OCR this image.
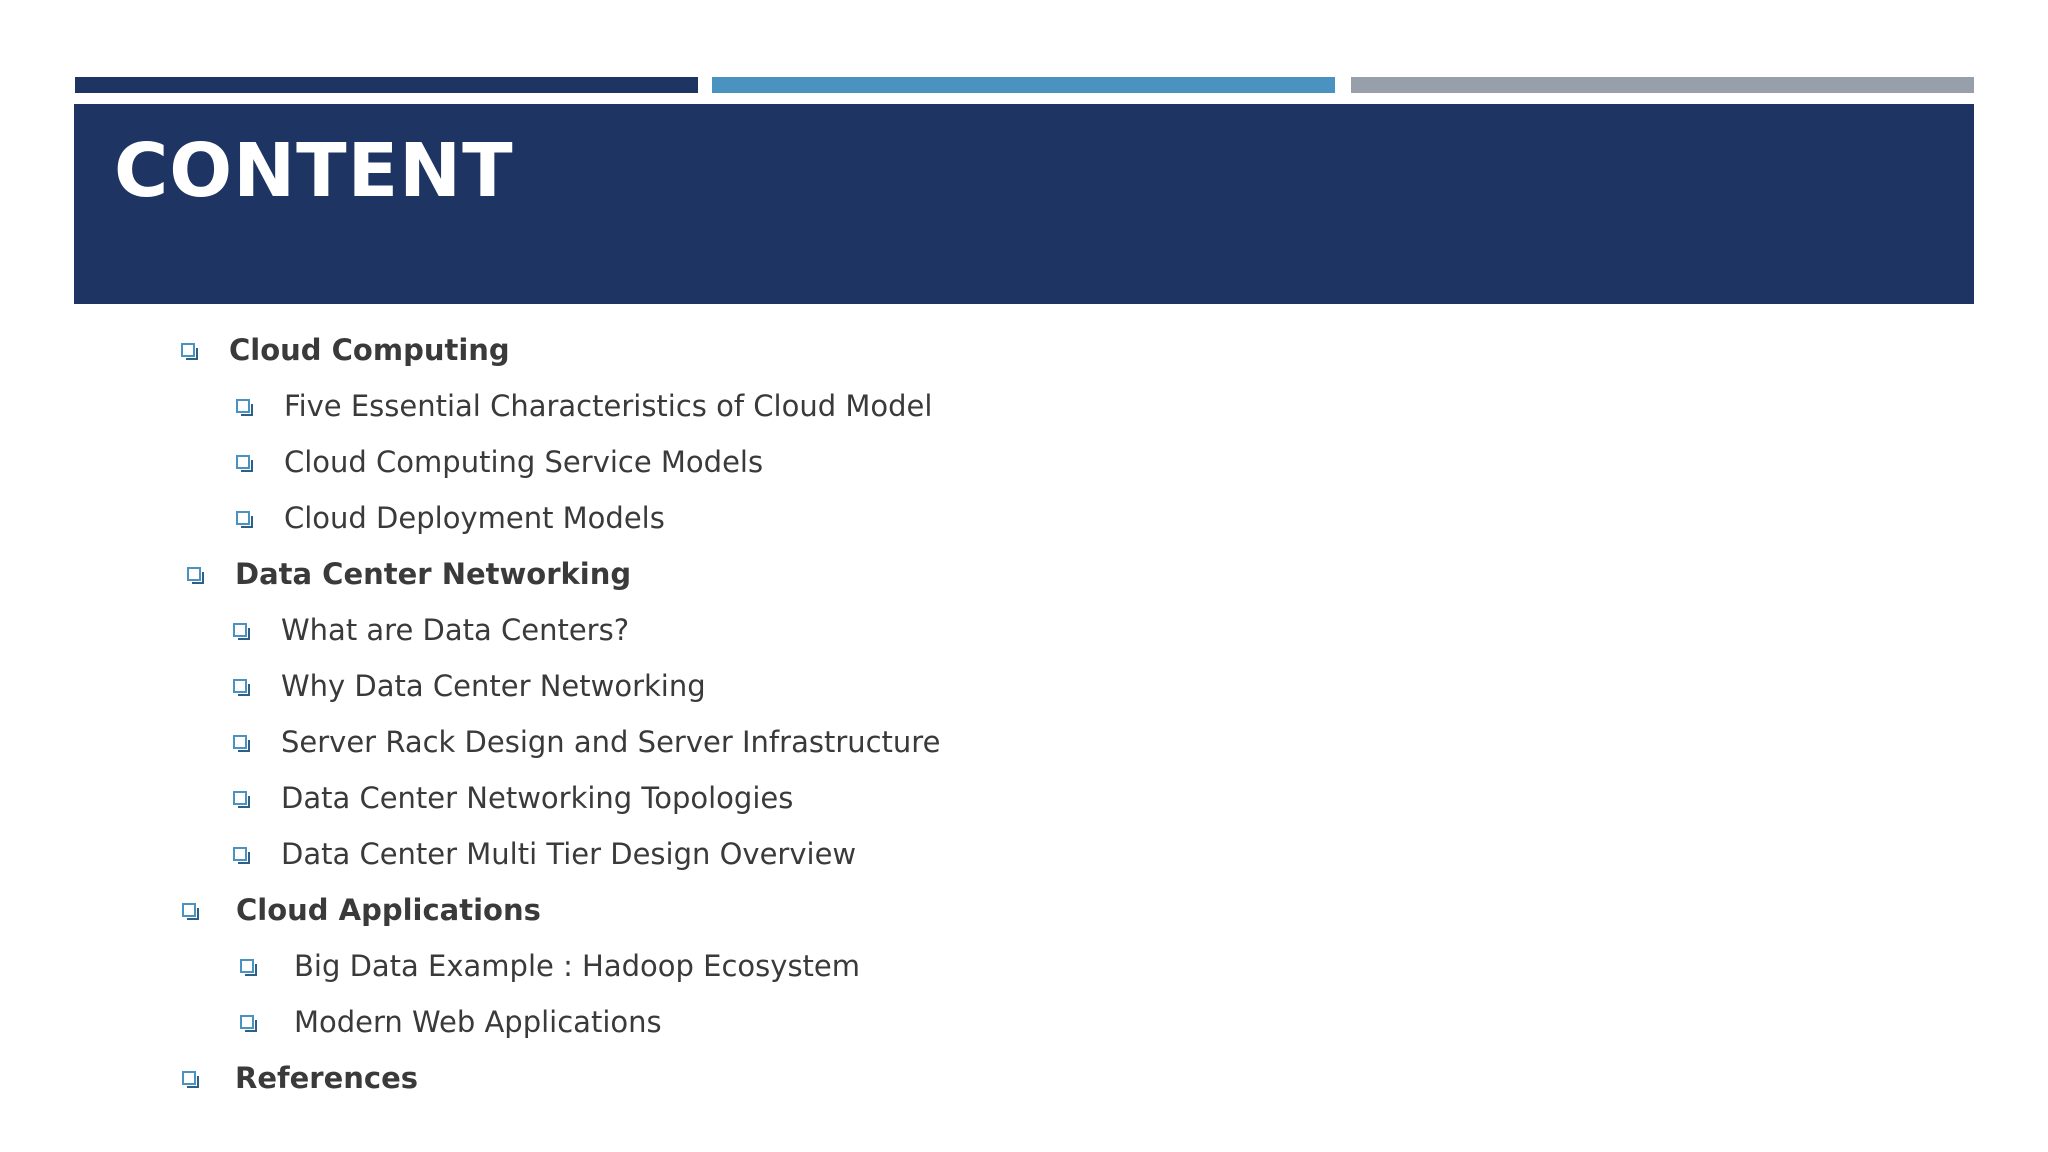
CONTENT
Cloud Computing
Five Essential Characteristics of Cloud Model
Cloud Computing Service Models
Cloud Deployment Models
Data Center Networking
What are Data Centers?
Why Data Center Networking
Server Rack Design and Server Infrastructure
Data Center Networking Topologies
Data Center Multi Tier Design Overview
Cloud Applications
Big Data Example : Hadoop Ecosystem
Modern Web Applications
References
